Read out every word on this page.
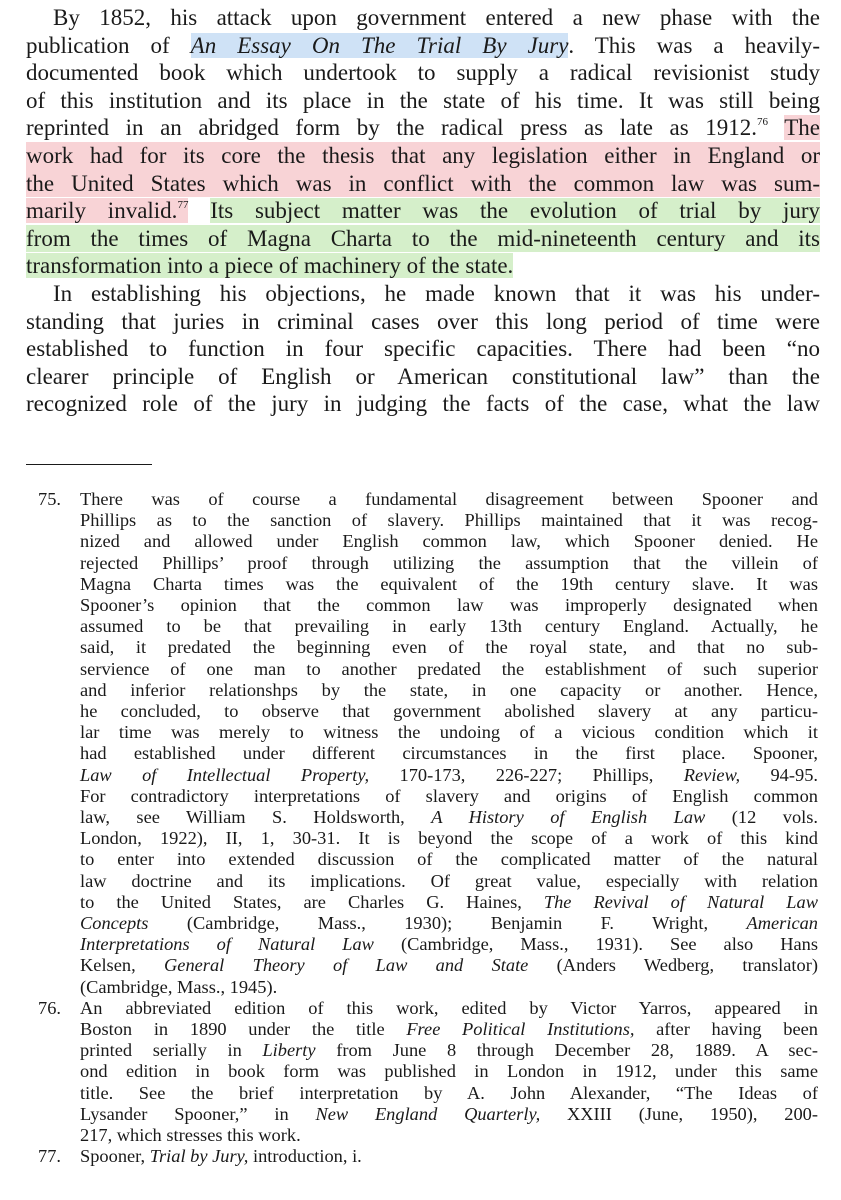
By 1852, his attack upon government entered a new phase with the
publication of An Essay On The Trial By Jury. This was a heavily-
documented book which undertook to supply a radical revisionist study
of this institution and its place in the state of his time. It was still being
reprinted in an abridged form by the radical press as late as 1912.76 The
work had for its core the thesis that any legislation either in England or
the United States which was in conflict with the common law was sum-
marily invalid.$^{77}$ Its subject matter was the evolution of trial by jury
from the times of Magna Charta to the mid-nineteenth century and its
transformation into a piece of machinery of the state.
In establishing his objections, he made known that it was his under-
standing that juries in criminal cases over this long period of time were
established to function in four specific capacities. There had been “no
clearer principle of English or American constitutional law” than the
recognized role of the jury in judging the facts of the case, what the law
75. There was of course a fundamental disagreement between Spooner and
Phillips as to the sanction of slavery. Phillips maintained that it was recog-
nized and allowed under English common law, which Spooner denied. He
rejected Phillips’ proof through utilizing the assumption that the villein of
Magna Charta times was the equivalent of the 19th century slave. It was
Spooner’s opinion that the common law was improperly designated when
assumed to be that prevailing in early 13th century England. Actually, he
said, it predated the beginning even of the royal state, and that no sub-
servience of one man to another predated the establishment of such superior
and inferior relationshps by the state, in one capacity or another. Hence,
he concluded, to observe that government abolished slavery at any particu-
lar time was merely to witness the undoing of a vicious condition which it
had established under different circumstances in the first place. Spooner,
Law of Intellectual Property, 170-173, 226-227; Phillips, Review, 94-95.
For contradictory interpretations of slavery and origins of English common
law, see William S. Holdsworth, A History of English Law (12 vols.
London, 1922), II, 1, 30-31. It is beyond the scope of a work of this kind
to enter into extended discussion of the complicated matter of the natural
law doctrine and its implications. Of great value, especially with relation
to the United States, are Charles G. Haines, The Revival of Natural Law
Concepts (Cambridge, Mass., 1930); Benjamin F. Wright, American
Interpretations of Natural Law (Cambridge, Mass., 1931). See also Hans
Kelsen, General Theory of Law and State (Anders Wedberg, translator)
(Cambridge, Mass., 1945).
76. An abbreviated edition of this work, edited by Victor Yarros, appeared in
Boston in 1890 under the title Free Political Institutions, after having been
printed serially in Liberty from June 8 through December 28, 1889. A sec-
ond edition in book form was published in London in 1912, under this same
title. See the brief interpretation by A. John Alexander, “The Ideas of
Lysander Spooner,” in New England Quarterly, XXIII (June, 1950), 200-
217, which stresses this work.
77. Spooner, Trial by Jury, introduction, i.
